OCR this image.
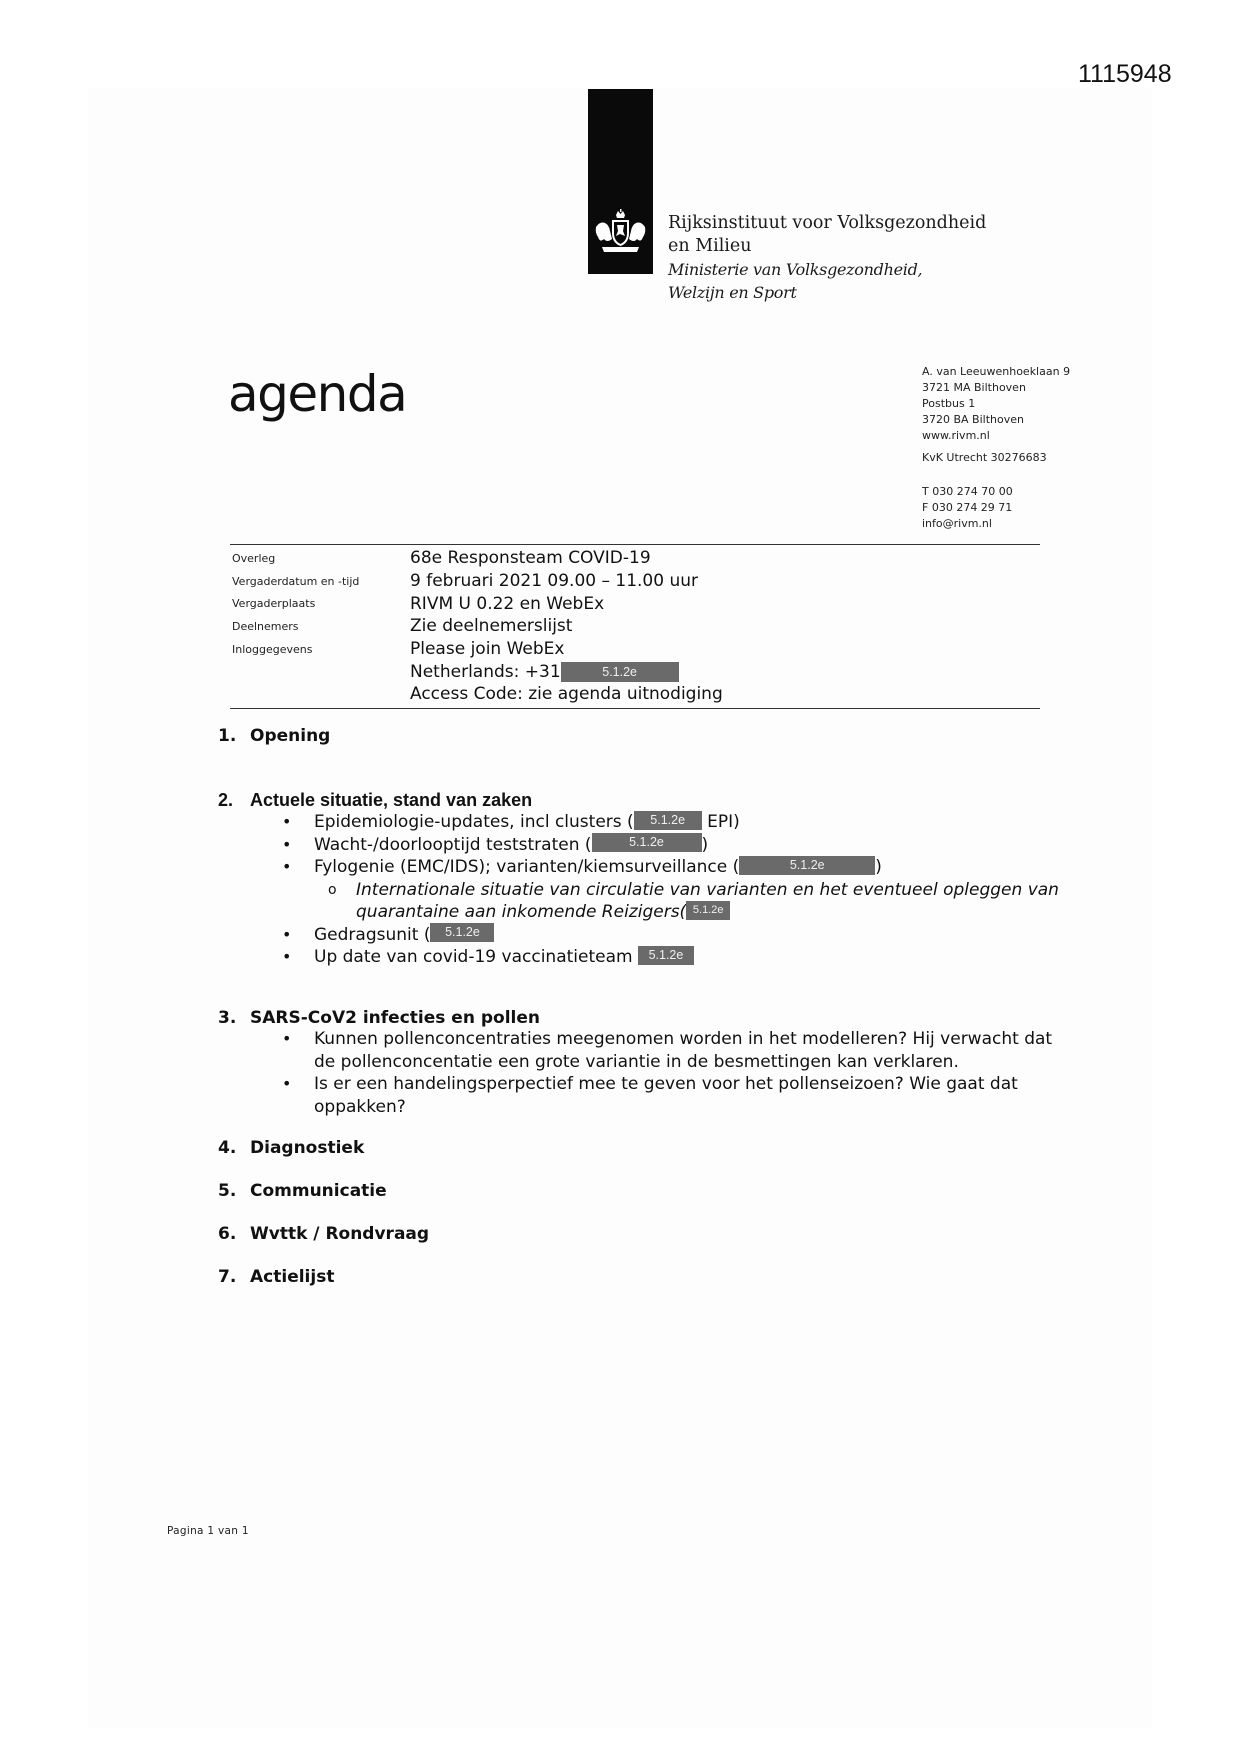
1115948
Rijksinstituut voor Volksgezondheid
en Milieu
Ministerie van Volksgezondheid,
Welzijn en Sport
agenda	A. van Leeuwenhoeklaan 9
3721 MA Bilthoven
Postbus 1
3720 BA Bilthoven
www.rivm.nl
KvK Utrecht 30276683
T 030 274 70 00
F 030 274 29 71
info@rivm.nl
Overleg	68e Responsteam COVID-19
Vergaderdatum en -tijd	9 februari 2021 09.00 – 11.00 uur
Vergaderplaats	RIVM U 0.22 en WebEx
Deelnemers	Zie deelnemerslijst
Inloggegevens	Please join WebEx
Netherlands: +31	5.1.2e
Access Code: zie agenda uitnodiging
1. Opening
2. Actuele situatie, stand van zaken
• Epidemiologie-updates, incl clusters ( 5.1.2e EPI)
• Wacht-/doorlooptijd teststraten (	5.1.2e )
• Fylogenie (EMC/IDS); varianten/kiemsurveillance (	5.1.2e	)
o Internationale situatie van circulatie van varianten en het eventueel opleggen van quarantaine aan inkomende Reizigers( 5.1.2e
• Gedragsunit ( 5.1.2e
• Up date van covid-19 vaccinatieteam 5.1.2e
3. SARS-CoV2 infecties en pollen
• Kunnen pollenconcentraties meegenomen worden in het modelleren? Hij verwacht dat de pollenconcentatie een grote variantie in de besmettingen kan verklaren.
• Is er een handelingsperpectief mee te geven voor het pollenseizoen? Wie gaat dat oppakken?
4. Diagnostiek
5. Communicatie
6. Wvttk / Rondvraag
7. Actielijst
Pagina 1 van 1
